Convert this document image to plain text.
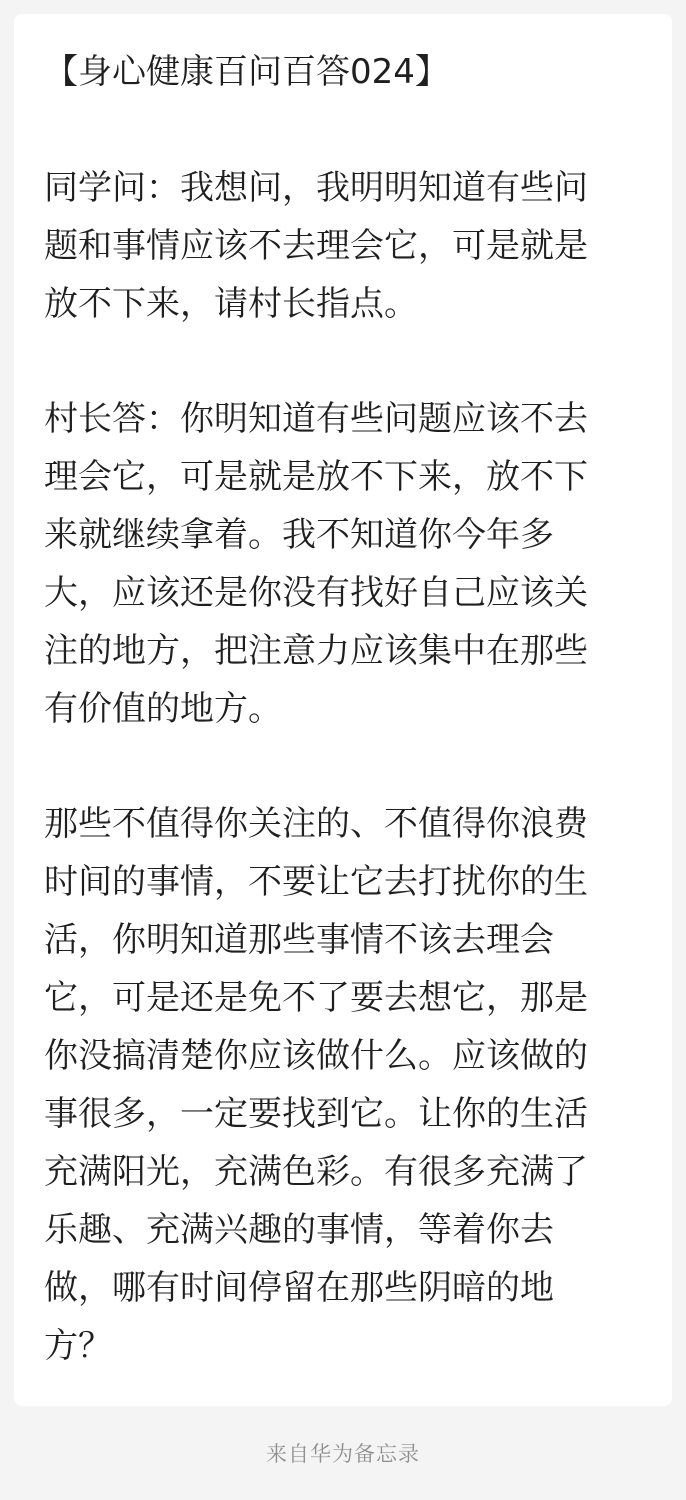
【身心健康百问百答024】

同学问：我想问，我明明知道有些问
题和事情应该不去理会它，可是就是
放不下来，请村长指点。

村长答：你明知道有些问题应该不去
理会它，可是就是放不下来，放不下
来就继续拿着。我不知道你今年多
大，应该还是你没有找好自己应该关
注的地方，把注意力应该集中在那些
有价值的地方。

那些不值得你关注的、不值得你浪费
时间的事情，不要让它去打扰你的生
活，你明知道那些事情不该去理会
它，可是还是免不了要去想它，那是
你没搞清楚你应该做什么。应该做的
事很多，一定要找到它。让你的生活
充满阳光，充满色彩。有很多充满了
乐趣、充满兴趣的事情，等着你去
做，哪有时间停留在那些阴暗的地
方？

来自华为备忘录
